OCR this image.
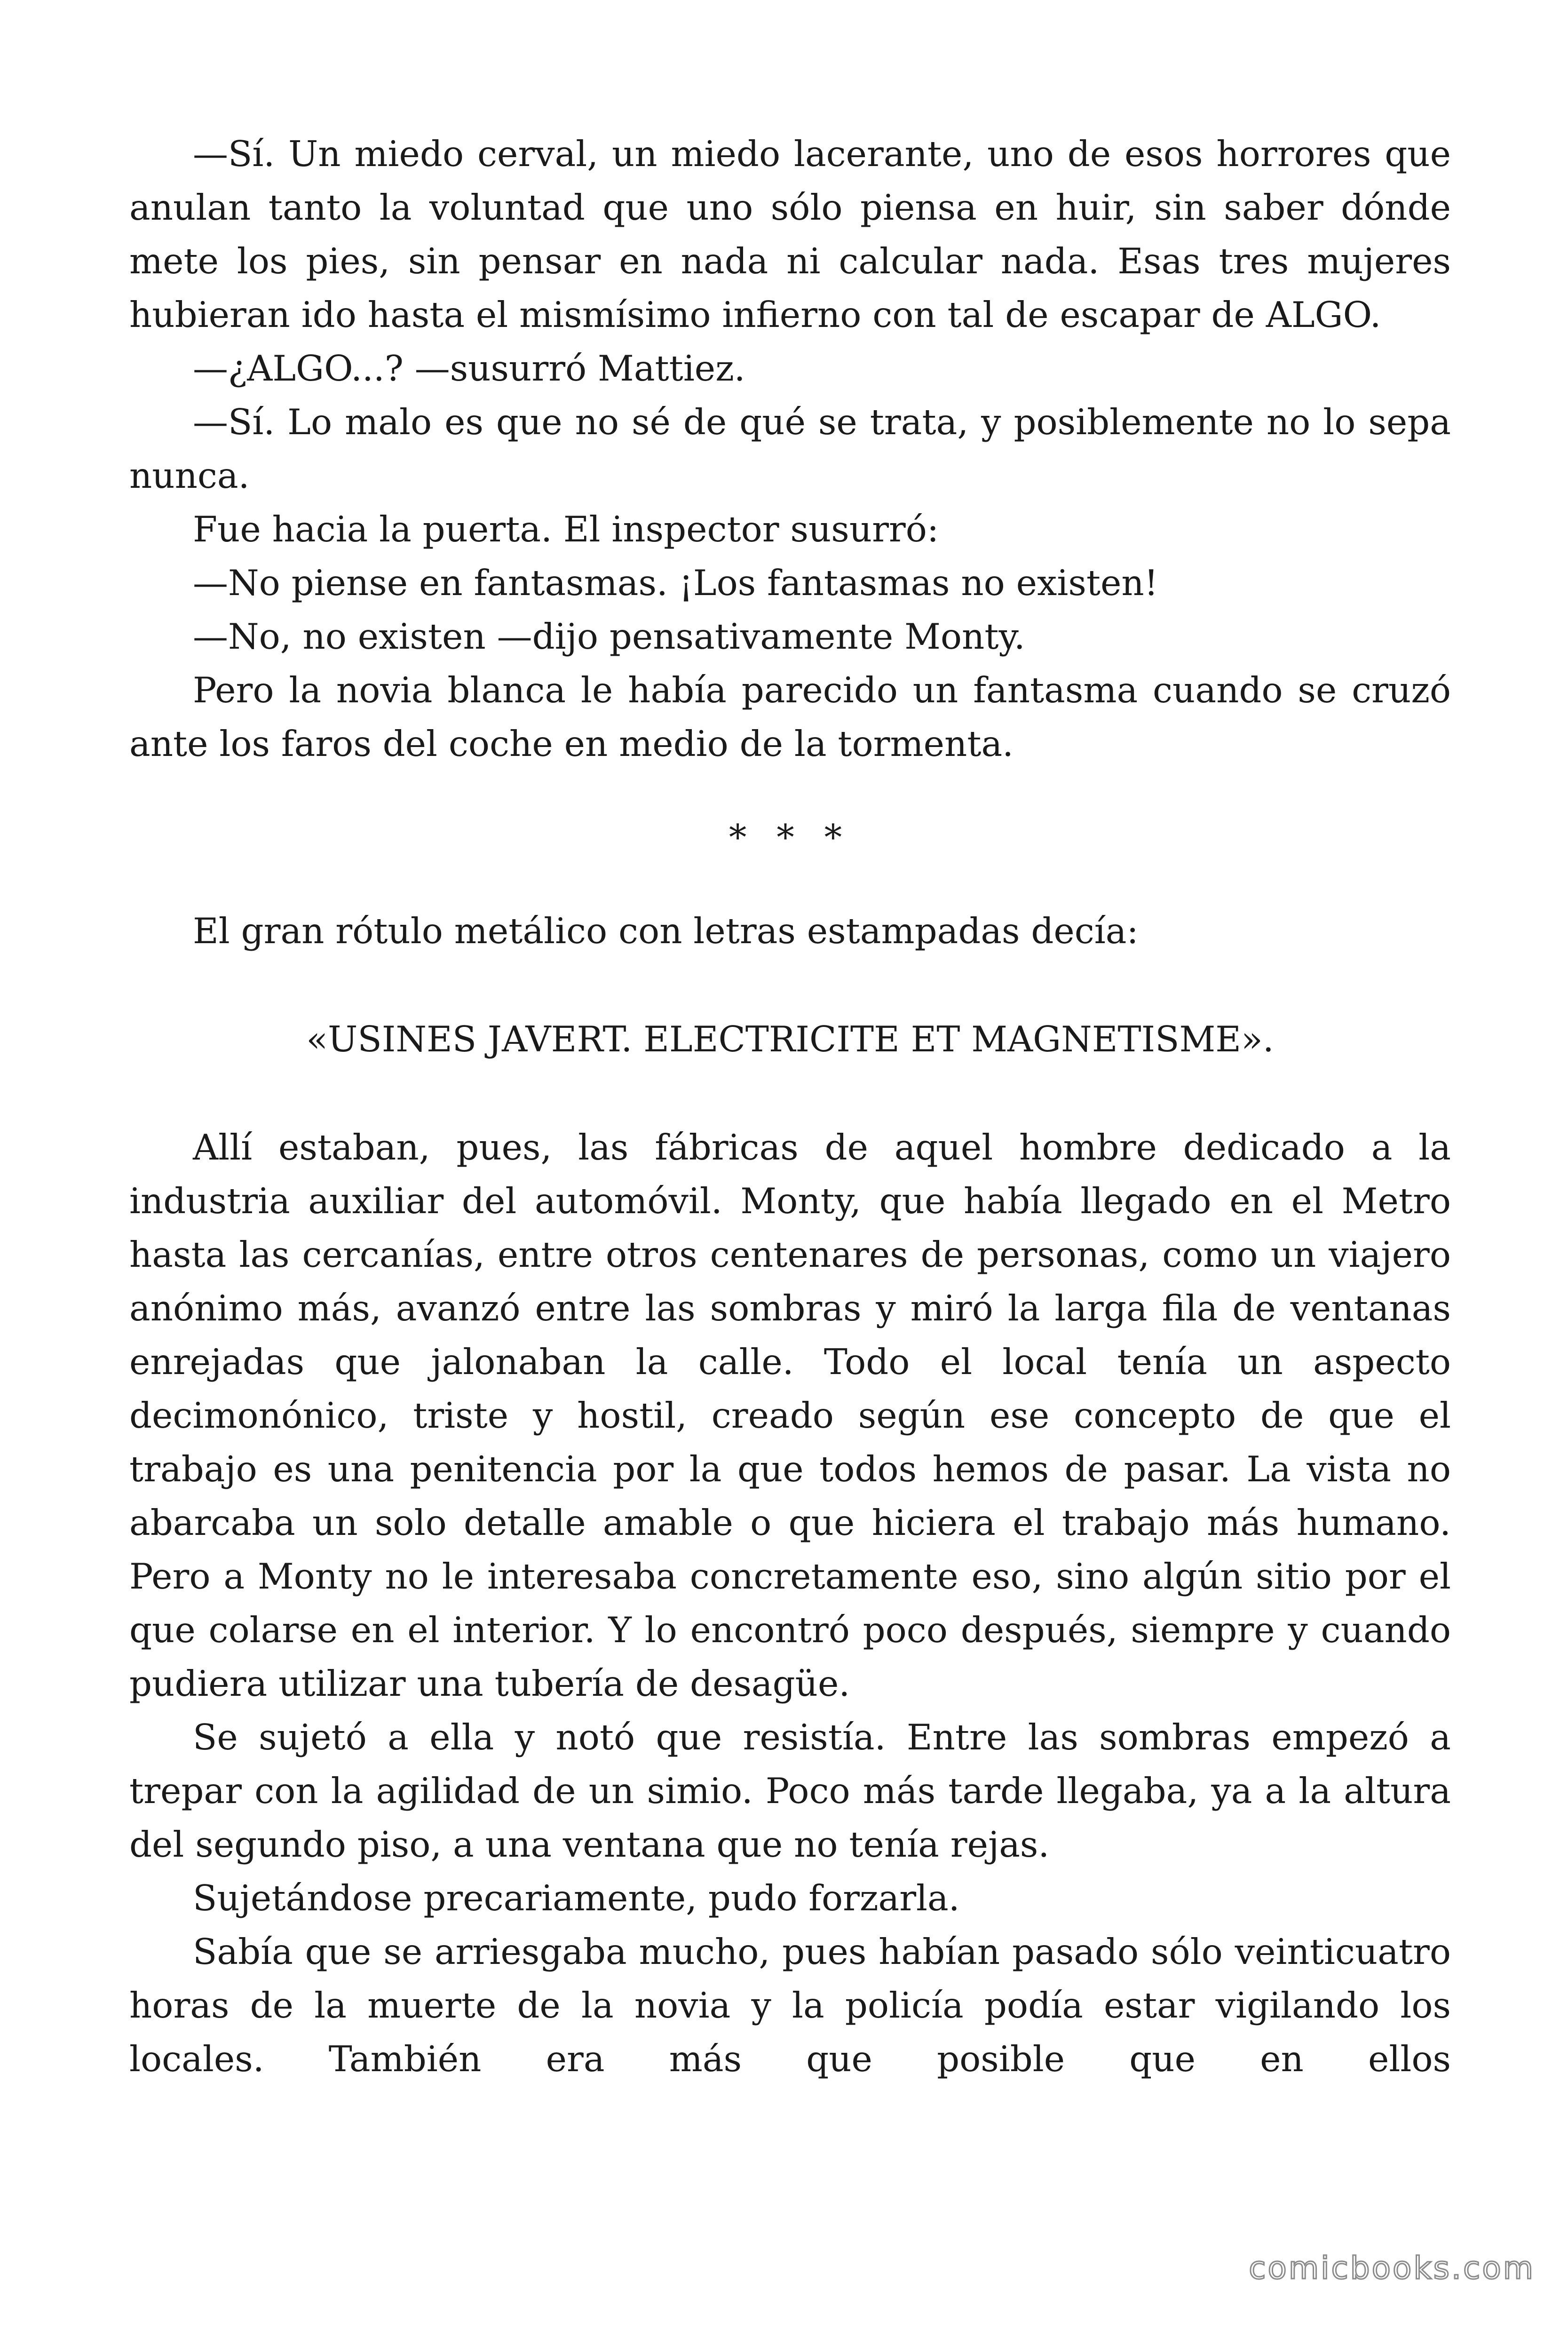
—Sí. Un miedo cerval, un miedo lacerante, uno de esos horrores que anulan tanto la voluntad que uno sólo piensa en huir, sin saber dónde mete los pies, sin pensar en nada ni calcular nada. Esas tres mujeres hubieran ido hasta el mismísimo infierno con tal de escapar de ALGO.

—¿ALGO...? —susurró Mattiez.

—Sí. Lo malo es que no sé de qué se trata, y posiblemente no lo sepa nunca.

Fue hacia la puerta. El inspector susurró:

—No piense en fantasmas. ¡Los fantasmas no existen!

—No, no existen —dijo pensativamente Monty.

Pero la novia blanca le había parecido un fantasma cuando se cruzó ante los faros del coche en medio de la tormenta.

* * *

El gran rótulo metálico con letras estampadas decía:

«USINES JAVERT. ELECTRICITE ET MAGNETISME».

Allí estaban, pues, las fábricas de aquel hombre dedicado a la industria auxiliar del automóvil. Monty, que había llegado en el Metro hasta las cercanías, entre otros centenares de personas, como un viajero anónimo más, avanzó entre las sombras y miró la larga fila de ventanas enrejadas que jalonaban la calle. Todo el local tenía un aspecto decimonónico, triste y hostil, creado según ese concepto de que el trabajo es una penitencia por la que todos hemos de pasar. La vista no abarcaba un solo detalle amable o que hiciera el trabajo más humano. Pero a Monty no le interesaba concretamente eso, sino algún sitio por el que colarse en el interior. Y lo encontró poco después, siempre y cuando pudiera utilizar una tubería de desagüe.

Se sujetó a ella y notó que resistía. Entre las sombras empezó a trepar con la agilidad de un simio. Poco más tarde llegaba, ya a la altura del segundo piso, a una ventana que no tenía rejas.

Sujetándose precariamente, pudo forzarla.

Sabía que se arriesgaba mucho, pues habían pasado sólo veinticuatro horas de la muerte de la novia y la policía podía estar vigilando los locales. También era más que posible que en ellos

comicbooks.com
